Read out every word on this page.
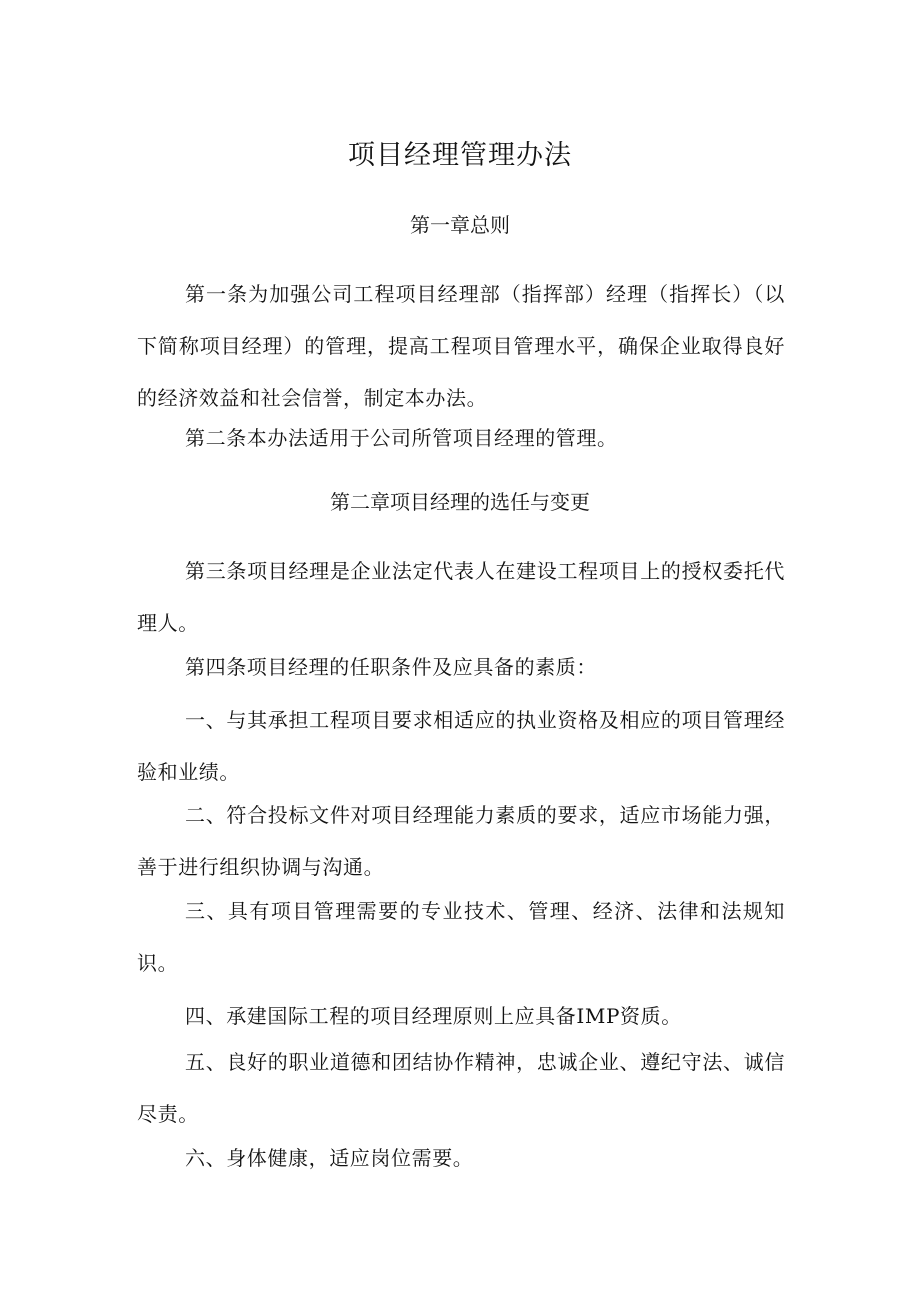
项目经理管理办法
第一章总则
第一条为加强公司工程项目经理部（指挥部）经理（指挥长）（以下简称项目经理）的管理，提高工程项目管理水平，确保企业取得良好的经济效益和社会信誉，制定本办法。
第二条本办法适用于公司所管项目经理的管理。
第二章项目经理的选任与变更
第三条项目经理是企业法定代表人在建设工程项目上的授权委托代理人。
第四条项目经理的任职条件及应具备的素质：
一、与其承担工程项目要求相适应的执业资格及相应的项目管理经验和业绩。
二、符合投标文件对项目经理能力素质的要求，适应市场能力强，善于进行组织协调与沟通。
三、具有项目管理需要的专业技术、管理、经济、法律和法规知识。
四、承建国际工程的项目经理原则上应具备IMP资质。
五、良好的职业道德和团结协作精神，忠诚企业、遵纪守法、诚信尽责。
六、身体健康，适应岗位需要。
